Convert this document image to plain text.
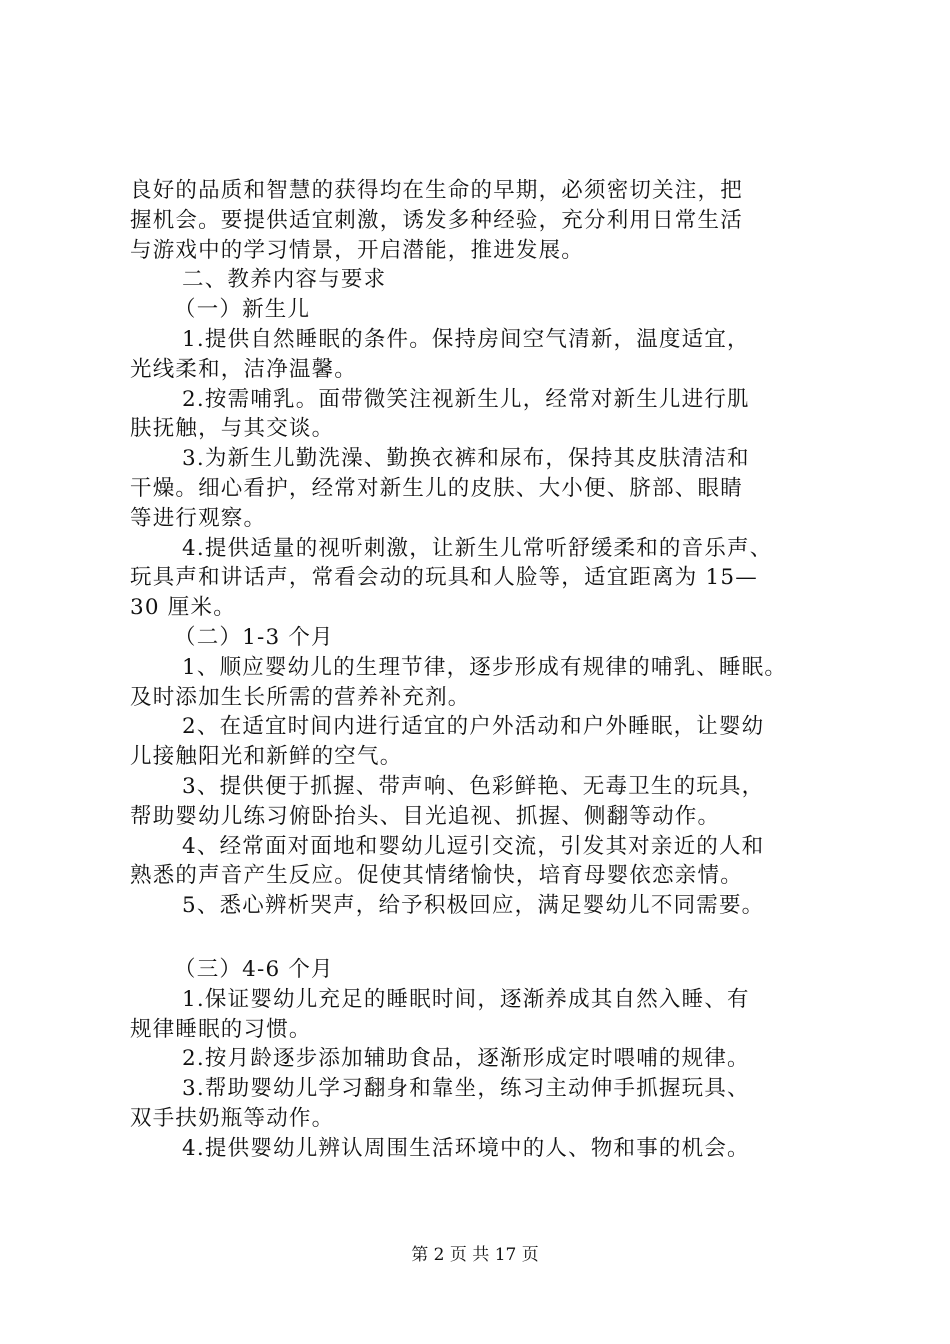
良好的品质和智慧的获得均在生命的早期，必须密切关注，把
握机会。要提供适宜刺激，诱发多种经验，充分利用日常生活
与游戏中的学习情景，开启潜能，推进发展。
二、教养内容与要求
（一）新生儿
1.提供自然睡眠的条件。保持房间空气清新，温度适宜，
光线柔和，洁净温馨。
2.按需哺乳。面带微笑注视新生儿，经常对新生儿进行肌
肤抚触，与其交谈。
3.为新生儿勤洗澡、勤换衣裤和尿布，保持其皮肤清洁和
干燥。细心看护，经常对新生儿的皮肤、大小便、脐部、眼睛
等进行观察。
4.提供适量的视听刺激，让新生儿常听舒缓柔和的音乐声、
玩具声和讲话声，常看会动的玩具和人脸等，适宜距离为 15—
30 厘米。
（二）1-3 个月
1、顺应婴幼儿的生理节律，逐步形成有规律的哺乳、睡眠。
及时添加生长所需的营养补充剂。
2、在适宜时间内进行适宜的户外活动和户外睡眠，让婴幼
儿接触阳光和新鲜的空气。
3、提供便于抓握、带声响、色彩鲜艳、无毒卫生的玩具，
帮助婴幼儿练习俯卧抬头、目光追视、抓握、侧翻等动作。
4、经常面对面地和婴幼儿逗引交流，引发其对亲近的人和
熟悉的声音产生反应。促使其情绪愉快，培育母婴依恋亲情。
5、悉心辨析哭声，给予积极回应，满足婴幼儿不同需要。
（三）4-6 个月
1.保证婴幼儿充足的睡眠时间，逐渐养成其自然入睡、有
规律睡眠的习惯。
2.按月龄逐步添加辅助食品，逐渐形成定时喂哺的规律。
3.帮助婴幼儿学习翻身和靠坐，练习主动伸手抓握玩具、
双手扶奶瓶等动作。
4.提供婴幼儿辨认周围生活环境中的人、物和事的机会。
第 2 页 共 17 页
